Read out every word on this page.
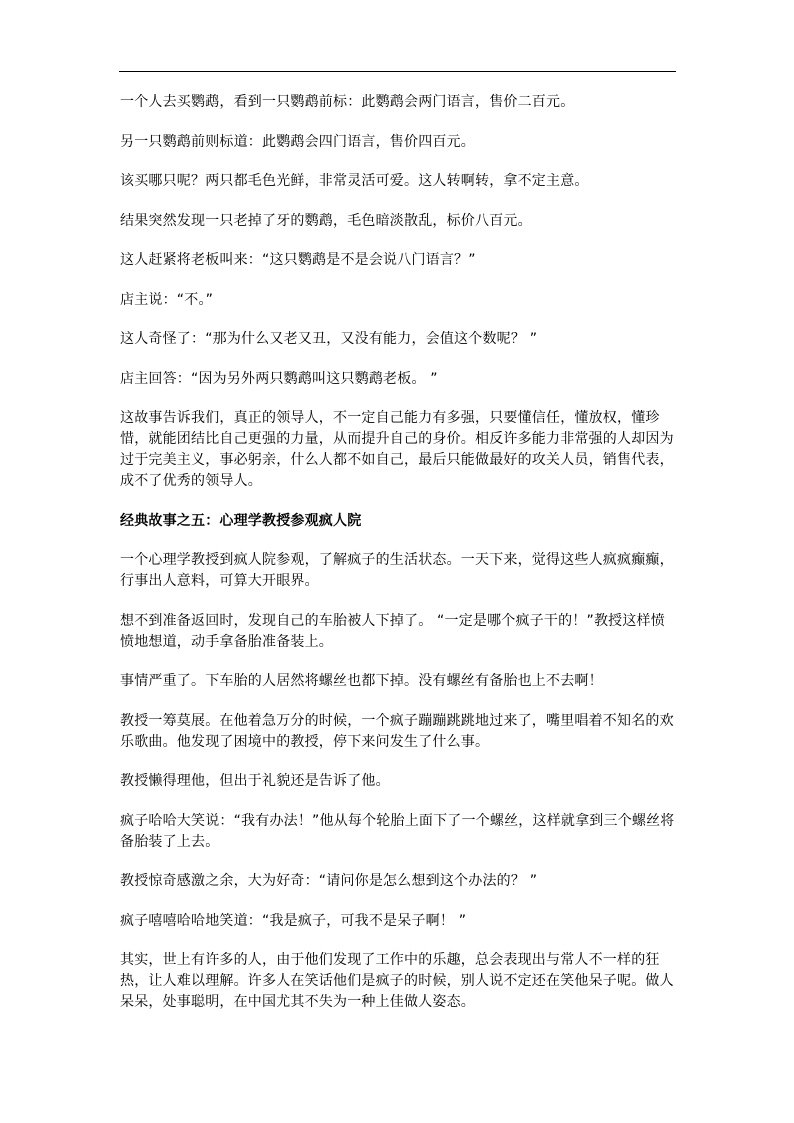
一个人去买鹦鹉，看到一只鹦鹉前标：此鹦鹉会两门语言，售价二百元。

另一只鹦鹉前则标道：此鹦鹉会四门语言，售价四百元。

该买哪只呢？两只都毛色光鲜，非常灵活可爱。这人转啊转，拿不定主意。

结果突然发现一只老掉了牙的鹦鹉，毛色暗淡散乱，标价八百元。

这人赶紧将老板叫来：“这只鹦鹉是不是会说八门语言？”

店主说：“不。”

这人奇怪了：“那为什么又老又丑，又没有能力，会值这个数呢？ ”

店主回答：“因为另外两只鹦鹉叫这只鹦鹉老板。 ”

这故事告诉我们，真正的领导人，不一定自己能力有多强，只要懂信任，懂放权，懂珍惜，就能团结比自己更强的力量，从而提升自己的身价。相反许多能力非常强的人却因为过于完美主义，事必躬亲，什么人都不如自己，最后只能做最好的攻关人员，销售代表，成不了优秀的领导人。

经典故事之五：心理学教授参观疯人院

一个心理学教授到疯人院参观，了解疯子的生活状态。一天下来，觉得这些人疯疯癫癫，行事出人意料，可算大开眼界。

想不到准备返回时，发现自己的车胎被人下掉了。 “一定是哪个疯子干的！”教授这样愤愤地想道，动手拿备胎准备装上。

事情严重了。下车胎的人居然将螺丝也都下掉。没有螺丝有备胎也上不去啊！

教授一筹莫展。在他着急万分的时候，一个疯子蹦蹦跳跳地过来了，嘴里唱着不知名的欢乐歌曲。他发现了困境中的教授，停下来问发生了什么事。

教授懒得理他，但出于礼貌还是告诉了他。

疯子哈哈大笑说：“我有办法！”他从每个轮胎上面下了一个螺丝，这样就拿到三个螺丝将备胎装了上去。

教授惊奇感激之余，大为好奇：“请问你是怎么想到这个办法的？ ”

疯子嘻嘻哈哈地笑道：“我是疯子，可我不是呆子啊！ ”

其实，世上有许多的人，由于他们发现了工作中的乐趣，总会表现出与常人不一样的狂热，让人难以理解。许多人在笑话他们是疯子的时候，别人说不定还在笑他呆子呢。做人呆呆，处事聪明，在中国尤其不失为一种上佳做人姿态。
